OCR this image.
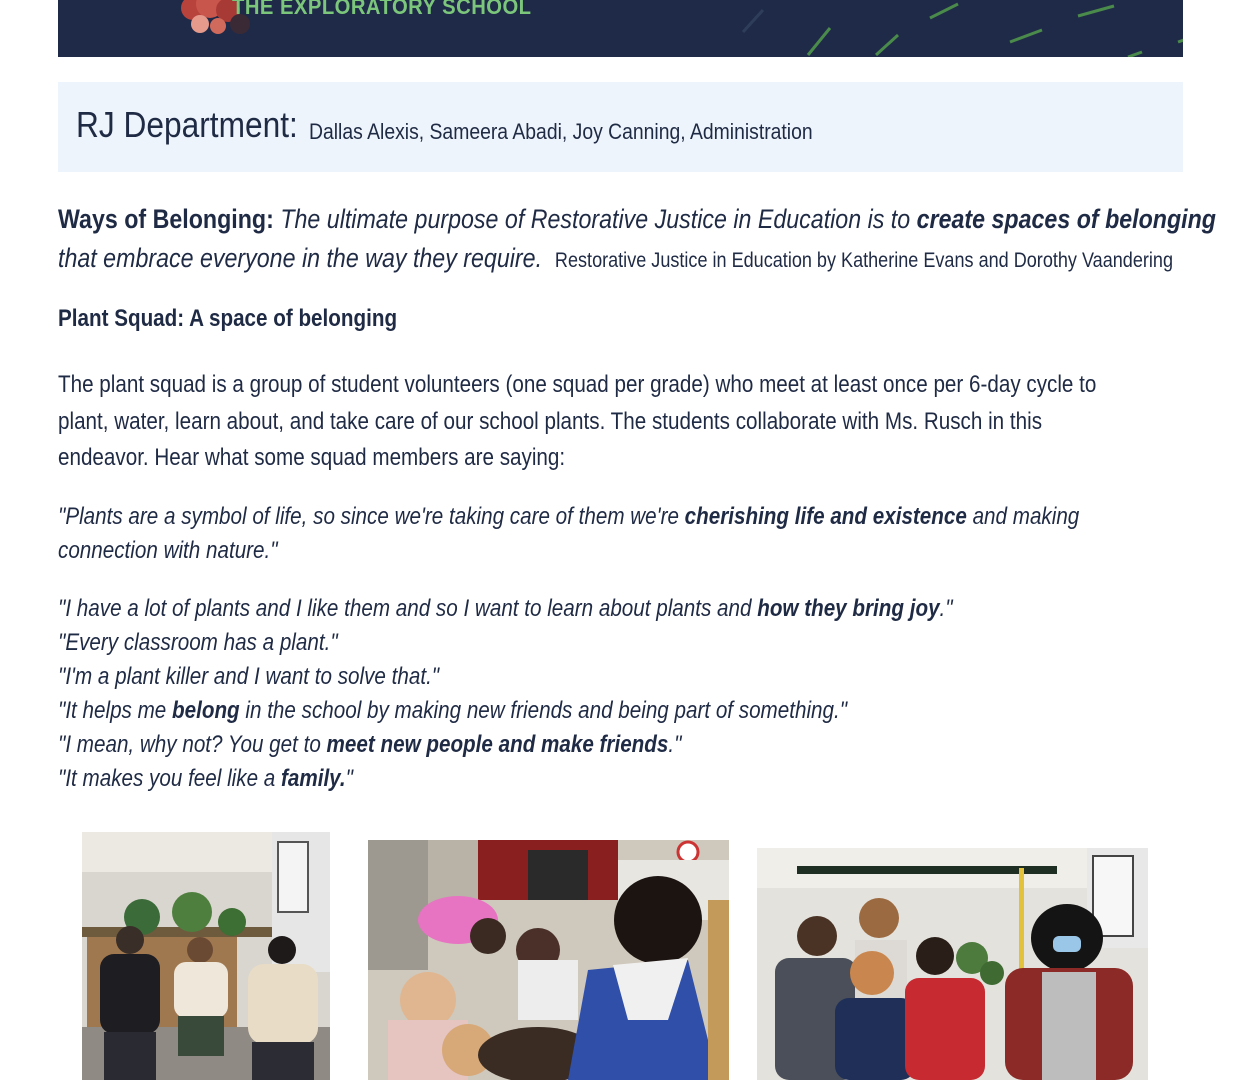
THE EXPLORATORY SCHOOL
RJ Department: Dallas Alexis, Sameera Abadi, Joy Canning, Administration
Ways of Belonging: The ultimate purpose of Restorative Justice in Education is to create spaces of belonging
that embrace everyone in the way they require. Restorative Justice in Education by Katherine Evans and Dorothy Vaandering
Plant Squad: A space of belonging
The plant squad is a group of student volunteers (one squad per grade) who meet at least once per 6-day cycle to
plant, water, learn about, and take care of our school plants. The students collaborate with Ms. Rusch in this
endeavor. Hear what some squad members are saying:
"Plants are a symbol of life, so since we're taking care of them we're cherishing life and existence and making
connection with nature."
"I have a lot of plants and I like them and so I want to learn about plants and how they bring joy."
"Every classroom has a plant."
"I'm a plant killer and I want to solve that."
"It helps me belong in the school by making new friends and being part of something."
"I mean, why not? You get to meet new people and make friends."
"It makes you feel like a family."
